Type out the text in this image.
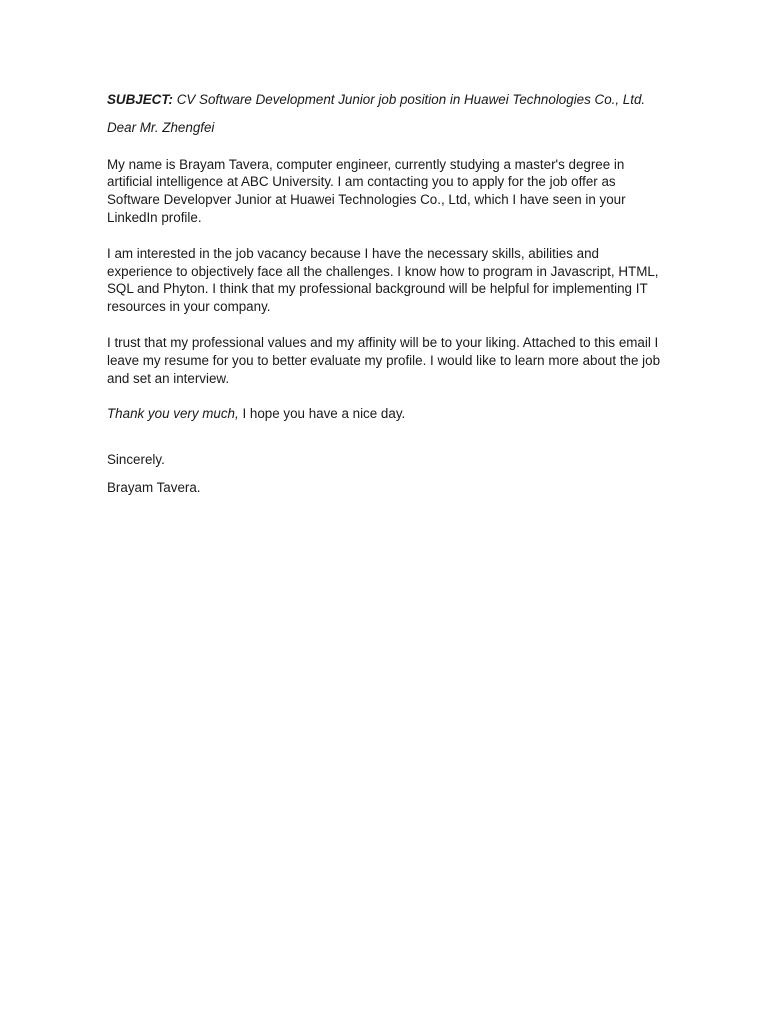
SUBJECT: CV Software Development Junior job position in Huawei Technologies Co., Ltd.

Dear Mr. Zhengfei

My name is Brayam Tavera, computer engineer, currently studying a master's degree in artificial intelligence at ABC University. I am contacting you to apply for the job offer as Software Developver Junior at Huawei Technologies Co., Ltd, which I have seen in your LinkedIn profile.

I am interested in the job vacancy because I have the necessary skills, abilities and experience to objectively face all the challenges. I know how to program in Javascript, HTML, SQL and Phyton. I think that my professional background will be helpful for implementing IT resources in your company.

I trust that my professional values and my affinity will be to your liking. Attached to this email I leave my resume for you to better evaluate my profile. I would like to learn more about the job and set an interview.

Thank you very much, I hope you have a nice day.

Sincerely.

Brayam Tavera.
